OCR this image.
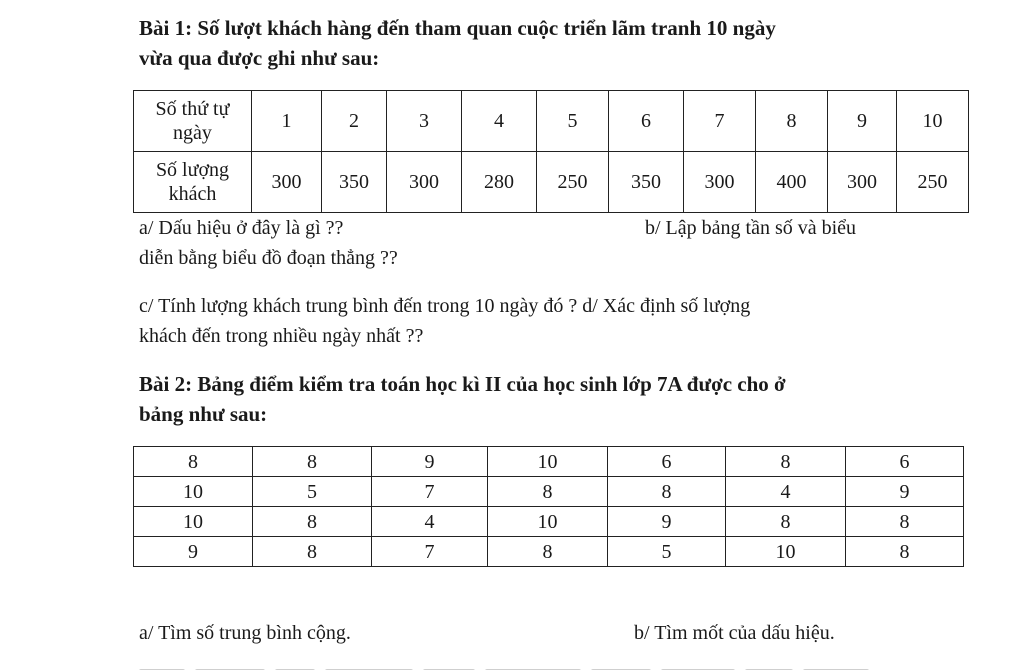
Bài 1: Số lượt khách hàng đến tham quan cuộc triển lãm tranh 10 ngày
vừa qua được ghi như sau:
Số thứ tự
ngày	1	2	3	4	5	6	7	8	9	10

Số lượng
khách	300	350	300	280	250	350	300	400	300	250
a/ Dấu hiệu ở đây là gì ??	b/ Lập bảng tần số và biểu
diễn bằng biểu đồ đoạn thẳng ??
c/ Tính lượng khách trung bình đến trong 10 ngày đó ? d/ Xác định số lượng
khách đến trong nhiều ngày nhất ??
Bài 2: Bảng điểm kiểm tra toán học kì II của học sinh lớp 7A được cho ở
bảng như sau:
8	8	9	10	6	8	6
10	5	7	8	8	4	9
10	8	4	10	9	8	8
9	8	7	8	5	10	8
a/ Tìm số trung bình cộng.	b/ Tìm mốt của dấu hiệu.
